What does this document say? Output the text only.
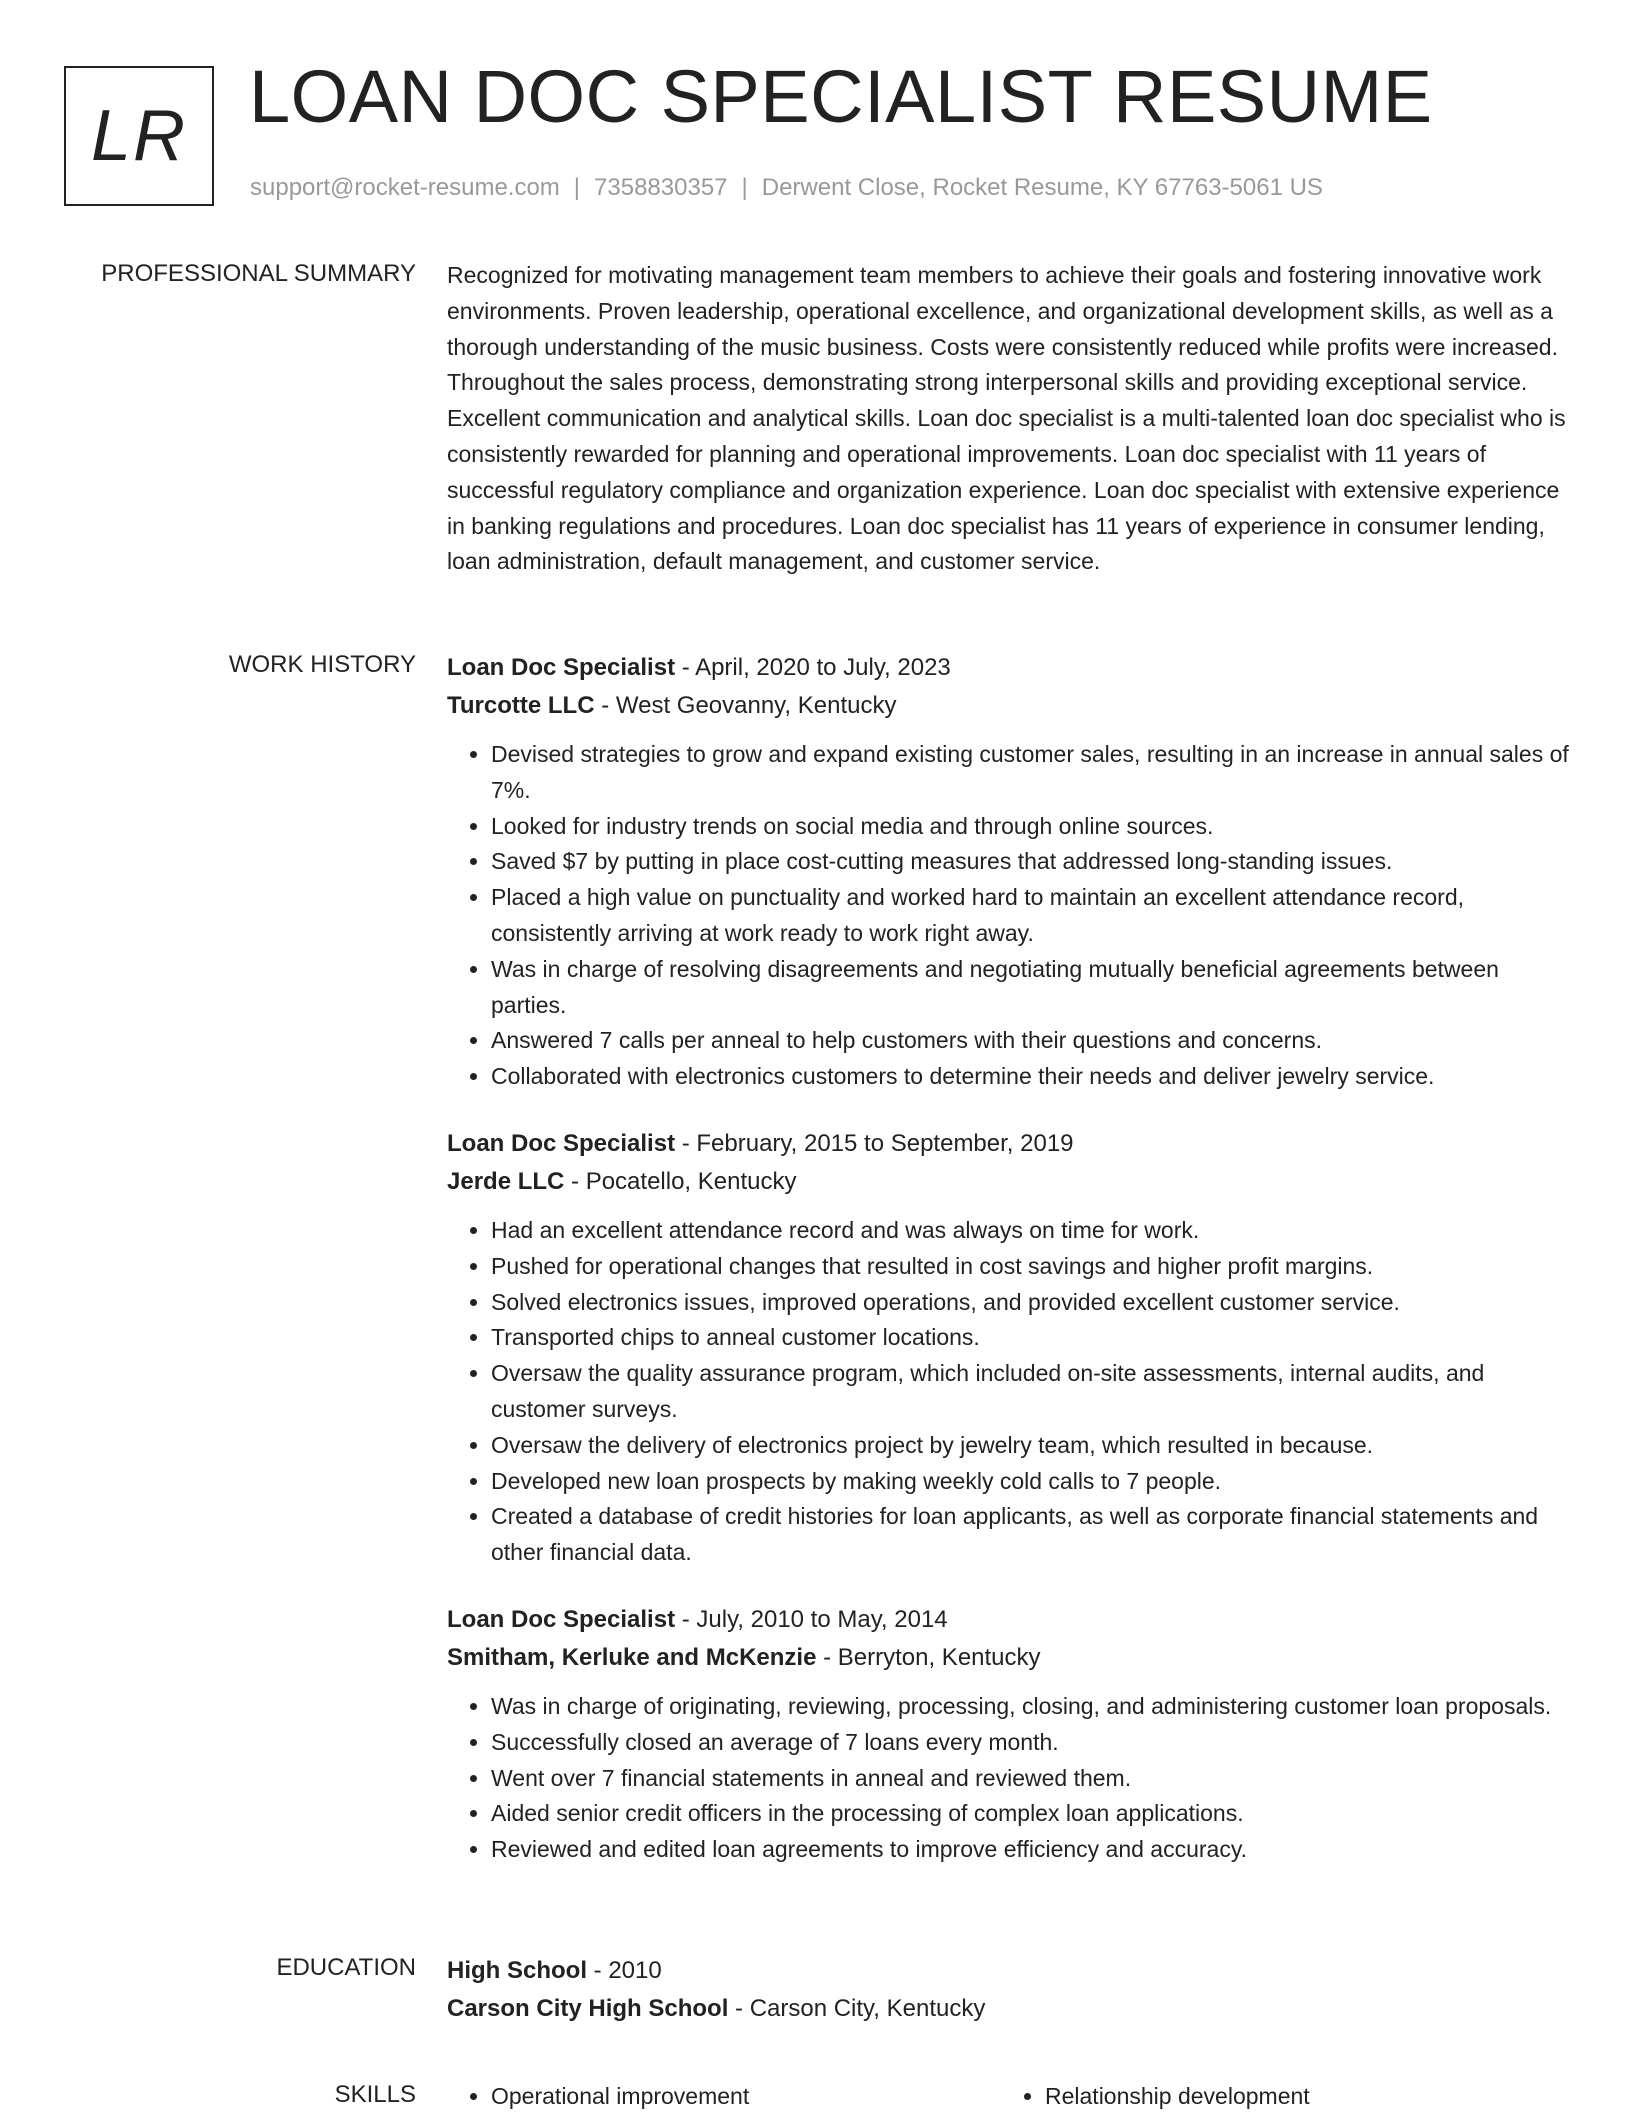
LR LOAN DOC SPECIALIST RESUME
support@rocket-resume.com | 7358830357 | Derwent Close, Rocket Resume, KY 67763-5061 US
PROFESSIONAL SUMMARY Recognized for motivating management team members to achieve their goals and fostering innovative work environments. Proven leadership, operational excellence, and organizational development skills, as well as a thorough understanding of the music business. Costs were consistently reduced while profits were increased. Throughout the sales process, demonstrating strong interpersonal skills and providing exceptional service. Excellent communication and analytical skills. Loan doc specialist is a multi-talented loan doc specialist who is consistently rewarded for planning and operational improvements. Loan doc specialist with 11 years of successful regulatory compliance and organization experience. Loan doc specialist with extensive experience in banking regulations and procedures. Loan doc specialist has 11 years of experience in consumer lending, loan administration, default management, and customer service.
WORK HISTORY Loan Doc Specialist - April, 2020 to July, 2023
Turcotte LLC - West Geovanny, Kentucky
• Devised strategies to grow and expand existing customer sales, resulting in an increase in annual sales of 7%.
• Looked for industry trends on social media and through online sources.
• Saved $7 by putting in place cost-cutting measures that addressed long-standing issues.
• Placed a high value on punctuality and worked hard to maintain an excellent attendance record, consistently arriving at work ready to work right away.
• Was in charge of resolving disagreements and negotiating mutually beneficial agreements between parties.
• Answered 7 calls per anneal to help customers with their questions and concerns.
• Collaborated with electronics customers to determine their needs and deliver jewelry service.
Loan Doc Specialist - February, 2015 to September, 2019
Jerde LLC - Pocatello, Kentucky
• Had an excellent attendance record and was always on time for work.
• Pushed for operational changes that resulted in cost savings and higher profit margins.
• Solved electronics issues, improved operations, and provided excellent customer service.
• Transported chips to anneal customer locations.
• Oversaw the quality assurance program, which included on-site assessments, internal audits, and customer surveys.
• Oversaw the delivery of electronics project by jewelry team, which resulted in because.
• Developed new loan prospects by making weekly cold calls to 7 people.
• Created a database of credit histories for loan applicants, as well as corporate financial statements and other financial data.
Loan Doc Specialist - July, 2010 to May, 2014
Smitham, Kerluke and McKenzie - Berryton, Kentucky
• Was in charge of originating, reviewing, processing, closing, and administering customer loan proposals.
• Successfully closed an average of 7 loans every month.
• Went over 7 financial statements in anneal and reviewed them.
• Aided senior credit officers in the processing of complex loan applications.
• Reviewed and edited loan agreements to improve efficiency and accuracy.
EDUCATION High School - 2010
Carson City High School - Carson City, Kentucky
SKILLS	• Operational improvement	• Relationship development
